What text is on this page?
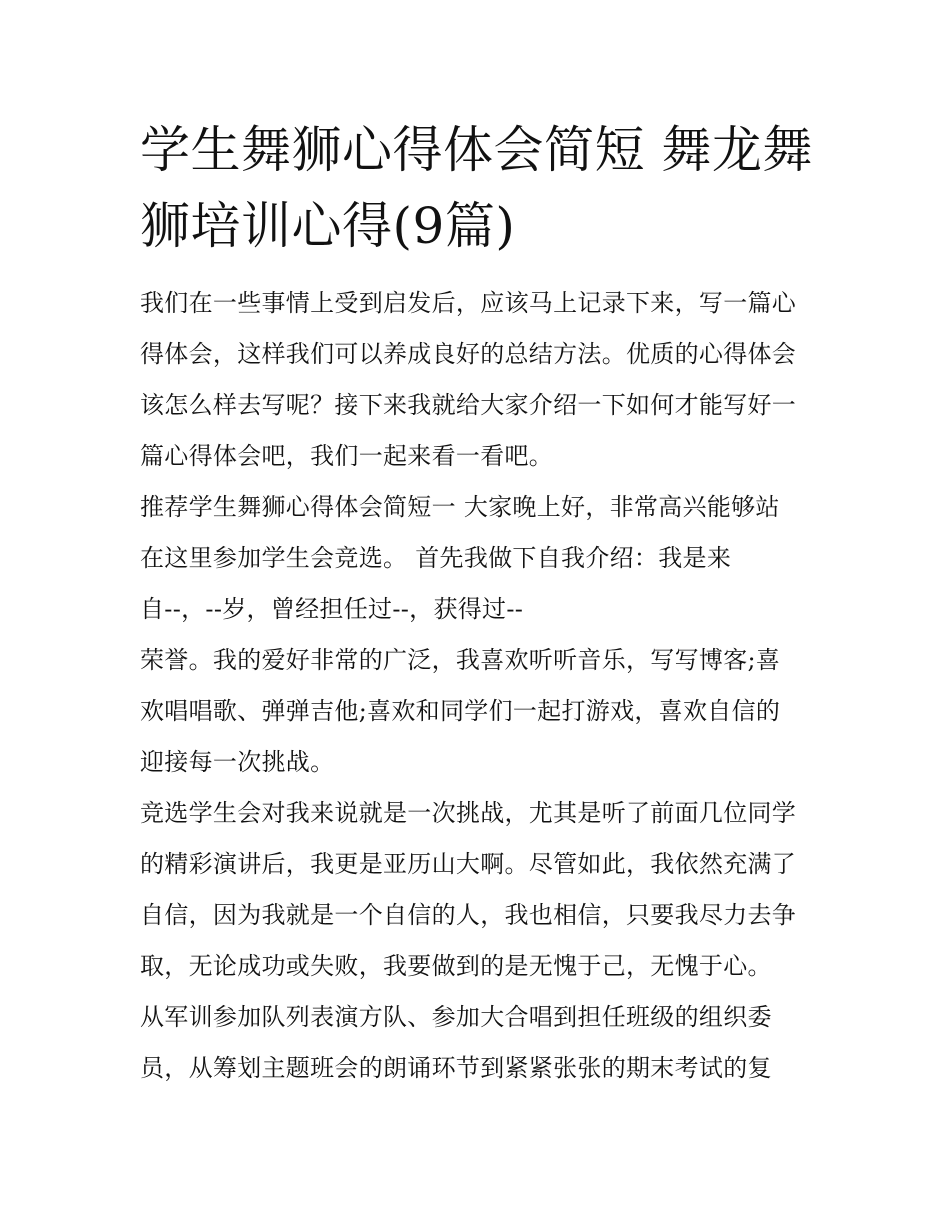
学生舞狮心得体会简短 舞龙舞
狮培训心得(9篇)
我们在一些事情上受到启发后，应该马上记录下来，写一篇心
得体会，这样我们可以养成良好的总结方法。优质的心得体会
该怎么样去写呢？接下来我就给大家介绍一下如何才能写好一
篇心得体会吧，我们一起来看一看吧。
推荐学生舞狮心得体会简短一 大家晚上好，非常高兴能够站
在这里参加学生会竞选。 首先我做下自我介绍：我是来
自--，--岁，曾经担任过--，获得过--
荣誉。我的爱好非常的广泛，我喜欢听听音乐，写写博客;喜
欢唱唱歌、弹弹吉他;喜欢和同学们一起打游戏，喜欢自信的
迎接每一次挑战。
竞选学生会对我来说就是一次挑战，尤其是听了前面几位同学
的精彩演讲后，我更是亚历山大啊。尽管如此，我依然充满了
自信，因为我就是一个自信的人，我也相信，只要我尽力去争
取，无论成功或失败，我要做到的是无愧于己，无愧于心。
从军训参加队列表演方队、参加大合唱到担任班级的组织委
员，从筹划主题班会的朗诵环节到紧紧张张的期末考试的复
